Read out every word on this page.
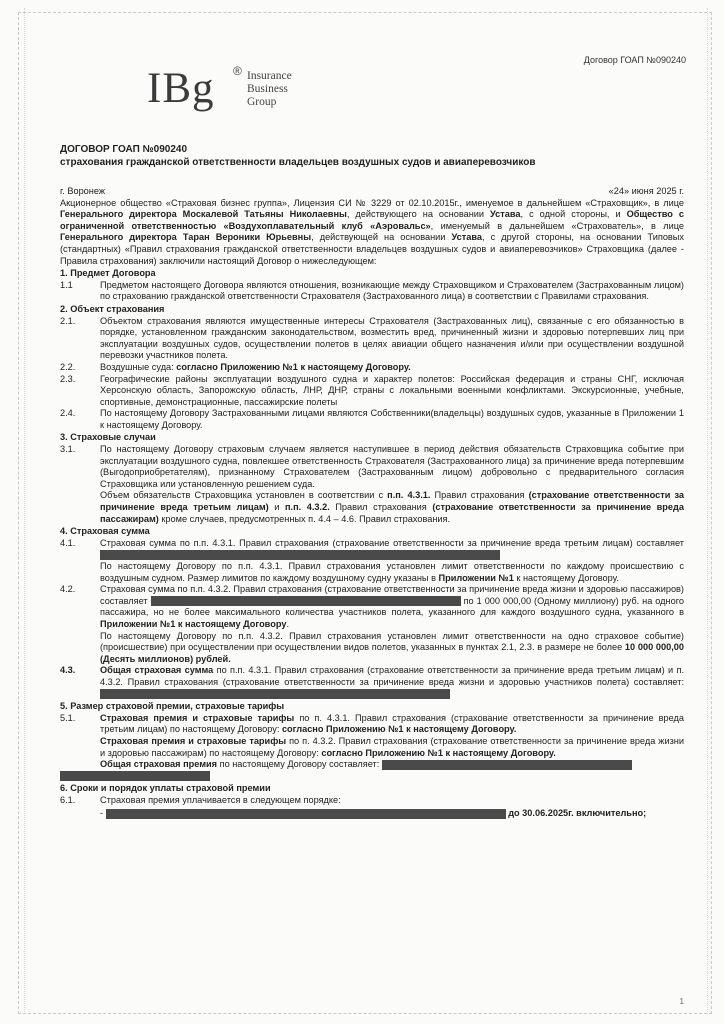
Договор ГОАП №090240
IBg ® Insurance
Business
Group
ДОГОВОР ГОАП №090240
страхования гражданской ответственности владельцев воздушных судов и авиаперевозчиков
г. Воронеж	«24» июня 2025 г.
Акционерное общество «Страховая бизнес группа», Лицензия СИ № 3229 от 02.10.2015г., именуемое в дальнейшем «Страховщик», в лице Генерального директора Москалевой Татьяны Николаевны, действующего на основании Устава, с одной стороны, и Общество с ограниченной ответственностью «Воздухоплавательный клуб «Аэровальс», именуемый в дальнейшем «Страхователь», в лице Генерального директора Таран Вероники Юрьевны, действующей на основании Устава, с другой стороны, на основании Типовых (стандартных) «Правил страхования гражданской ответственности владельцев воздушных судов и авиаперевозчиков» Страховщика (далее - Правила страхования) заключили настоящий Договор о нижеследующем:
1. Предмет Договора
1.1	Предметом настоящего Договора являются отношения, возникающие между Страховщиком и Страхователем (Застрахованным лицом) по страхованию гражданской ответственности Страхователя (Застрахованного лица) в соответствии с Правилами страхования.
2. Объект страхования
2.1.	Объектом страхования являются имущественные интересы Страхователя (Застрахованных лиц), связанные с его обязанностью в порядке, установленном гражданским законодательством, возместить вред, причиненный жизни и здоровью потерпевших лиц при эксплуатации воздушных судов, осуществлении полетов в целях авиации общего назначения и/или при осуществлении воздушной перевозки участников полета.
2.2.	Воздушные суда: согласно Приложению №1 к настоящему Договору.
2.3.	Географические районы эксплуатации воздушного судна и характер полетов: Российская федерация и страны СНГ, исключая Херсонскую область, Запорожскую область, ЛНР, ДНР, страны с локальными военными конфликтами. Экскурсионные, учебные, спортивные, демонстрационные, пассажирские полеты
2.4.	По настоящему Договору Застрахованными лицами являются Собственники(владельцы) воздушных судов, указанные в Приложении 1 к настоящему Договору.
3. Страховые случаи
3.1.	По настоящему Договору страховым случаем является наступившее в период действия обязательств Страховщика событие при эксплуатации воздушного судна, повлекшее ответственность Страхователя (Застрахованного лица) за причинение вреда потерпевшим (Выгодоприобретателям), признанному Страхователем (Застрахованным лицом) добровольно с предварительного согласия Страховщика или установленную решением суда.
Объем обязательств Страховщика установлен в соответствии с п.п. 4.3.1. Правил страхования (страхование ответственности за причинение вреда третьим лицам) и п.п. 4.3.2. Правил страхования (страхование ответственности за причинение вреда пассажирам) кроме случаев, предусмотренных п. 4.4 – 4.6. Правил страхования.
4. Страховая сумма
4.1.	Страховая сумма по п.п. 4.3.1. Правил страхования (страхование ответственности за причинение вреда третьим лицам) составляет
По настоящему Договору по п.п. 4.3.1. Правил страхования установлен лимит ответственности по каждому происшествию с воздушным судном. Размер лимитов по каждому воздушному судну указаны в Приложении №1 к настоящему Договору.
4.2.	Страховая сумма по п.п. 4.3.2. Правил страхования (страхование ответственности за причинение вреда жизни и здоровью пассажиров) составляет	по 1 000 000,00 (Одному миллиону) руб. на одного пассажира, но не более максимального количества участников полета, указанного для каждого воздушного судна, указанного в Приложении №1 к настоящему Договору.
По настоящему Договору по п.п. 4.3.2. Правил страхования установлен лимит ответственности на одно страховое событие) (происшествие) при осуществлении при осуществлении видов полетов, указанных в пунктах 2.1, 2.3. в размере не более 10 000 000,00 (Десять миллионов) рублей.
4.3.	Общая страховая сумма по п.п. 4.3.1. Правил страхования (страхование ответственности за причинение вреда третьим лицам) и п. 4.3.2. Правил страхования (страхование ответственности за причинение вреда жизни и здоровью участников полета) составляет:
5. Размер страховой премии, страховые тарифы
5.1.	Страховая премия и страховые тарифы по п. 4.3.1. Правил страхования (страхование ответственности за причинение вреда третьим лицам) по настоящему Договору: согласно Приложению №1 к настоящему Договору.
Страховая премия и страховые тарифы по п. 4.3.2. Правил страхования (страхование ответственности за причинение вреда жизни и здоровью пассажирам) по настоящему Договору: согласно Приложению №1 к настоящему Договору.
Общая страховая премия по настоящему Договору составляет:

6. Сроки и порядок уплаты страховой премии
6.1.	Страховая премия уплачивается в следующем порядке:
-	до 30.06.2025г. включительно;
1
